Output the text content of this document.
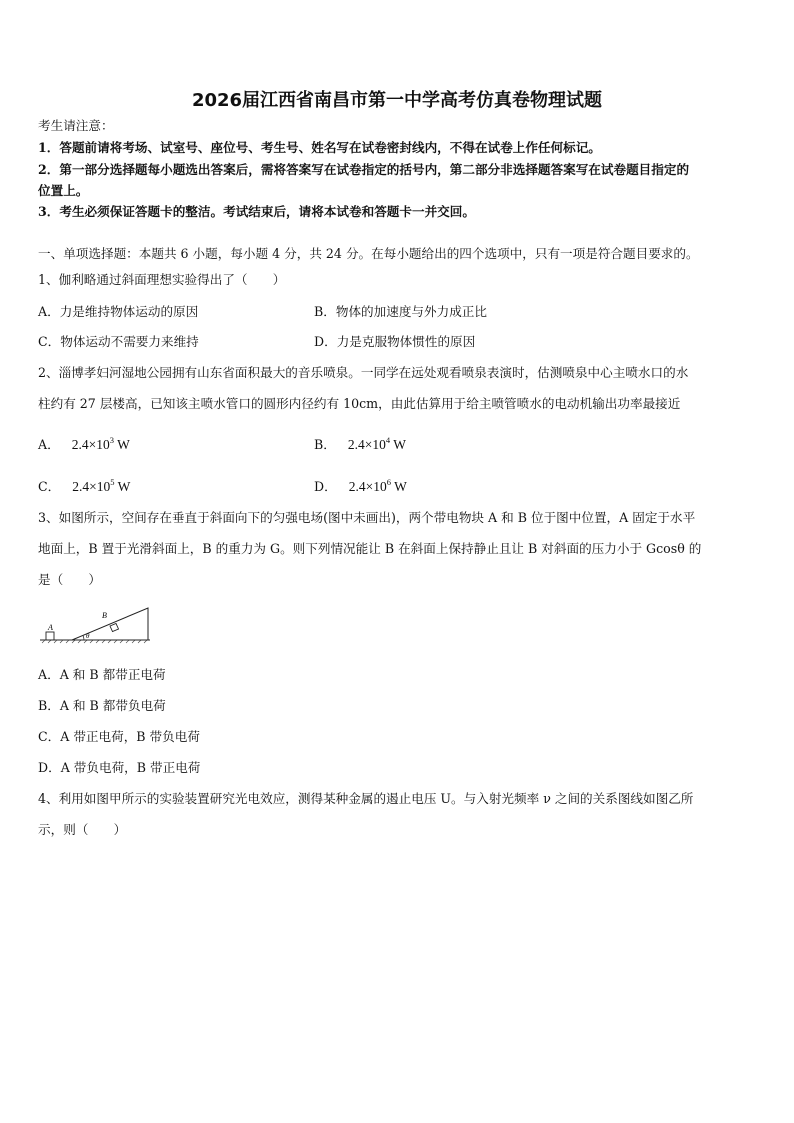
2026届江西省南昌市第一中学高考仿真卷物理试题
考生请注意：
1．答题前请将考场、试室号、座位号、考生号、姓名写在试卷密封线内，不得在试卷上作任何标记。
2．第一部分选择题每小题选出答案后，需将答案写在试卷指定的括号内，第二部分非选择题答案写在试卷题目指定的
位置上。
3．考生必须保证答题卡的整洁。考试结束后，请将本试卷和答题卡一并交回。
一、单项选择题：本题共 6 小题，每小题 4 分，共 24 分。在每小题给出的四个选项中，只有一项是符合题目要求的。
1、伽利略通过斜面理想实验得出了（　　）
A．力是维持物体运动的原因	B．物体的加速度与外力成正比
C．物体运动不需要力来维持	D．力是克服物体惯性的原因
2、淄博孝妇河湿地公园拥有山东省面积最大的音乐喷泉。一同学在远处观看喷泉表演时，估测喷泉中心主喷水口的水
柱约有 27 层楼高，已知该主喷水管口的圆形内径约有 10cm，由此估算用于给主喷管喷水的电动机输出功率最接近
A． $2.4\times 10^3$ W	B． $2.4\times 10^4$ W
C． $2.4\times 10^5$ W	D． $2.4\times 10^6$ W
3、如图所示，空间存在垂直于斜面向下的匀强电场(图中未画出)，两个带电物块 A 和 B 位于图中位置，A 固定于水平
地面上，B 置于光滑斜面上，B 的重力为 G。则下列情况能让 B 在斜面上保持静止且让 B 对斜面的压力小于 Gcosθ 的
是（　　）
A
B
θ
A．A 和 B 都带正电荷
B．A 和 B 都带负电荷
C．A 带正电荷，B 带负电荷
D．A 带负电荷，B 带正电荷
4、利用如图甲所示的实验装置研究光电效应，测得某种金属的遏止电压 U。与入射光频率 ν 之间的关系图线如图乙所
示，则（　　）
